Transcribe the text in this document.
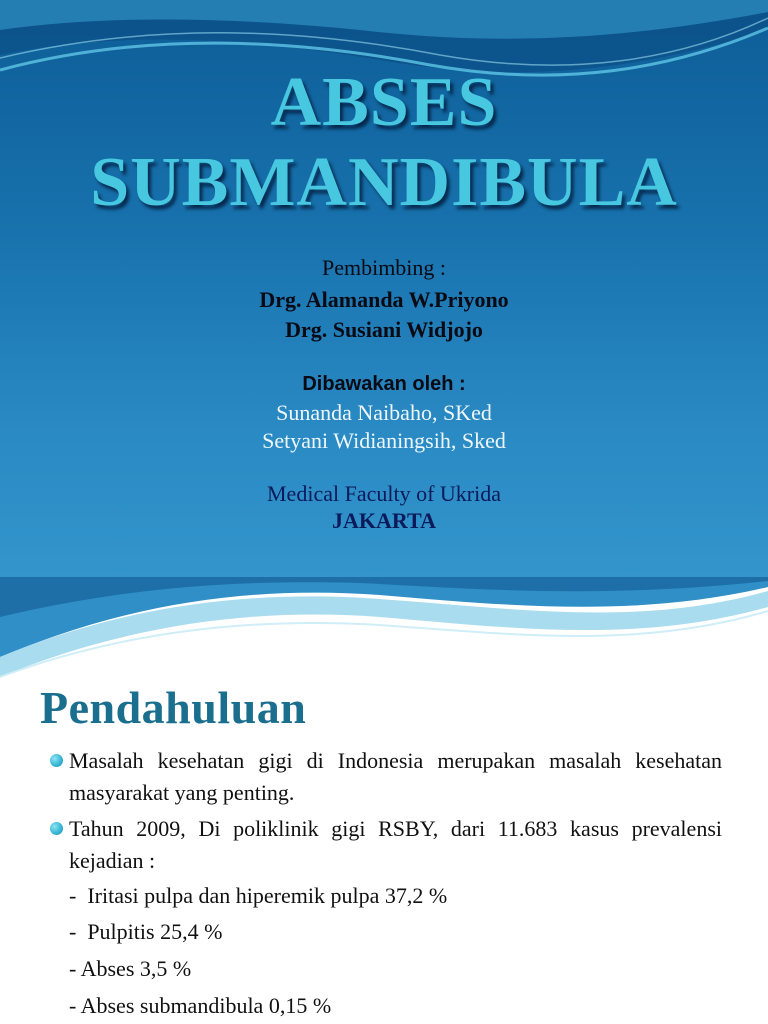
ABSES
SUBMANDIBULA
Pembimbing :
Drg. Alamanda W.Priyono
Drg. Susiani Widjojo
Dibawakan oleh :
Sunanda Naibaho, SKed
Setyani Widianingsih, Sked
Medical Faculty of Ukrida
JAKARTA
Pendahuluan
Masalah kesehatan gigi di Indonesia merupakan masalah kesehatan masyarakat yang penting.
Tahun 2009, Di poliklinik gigi RSBY, dari 11.683 kasus prevalensi kejadian :
-  Iritasi pulpa dan hiperemik pulpa 37,2 %
-  Pulpitis 25,4 %
- Abses 3,5 %
- Abses submandibula 0,15 %
